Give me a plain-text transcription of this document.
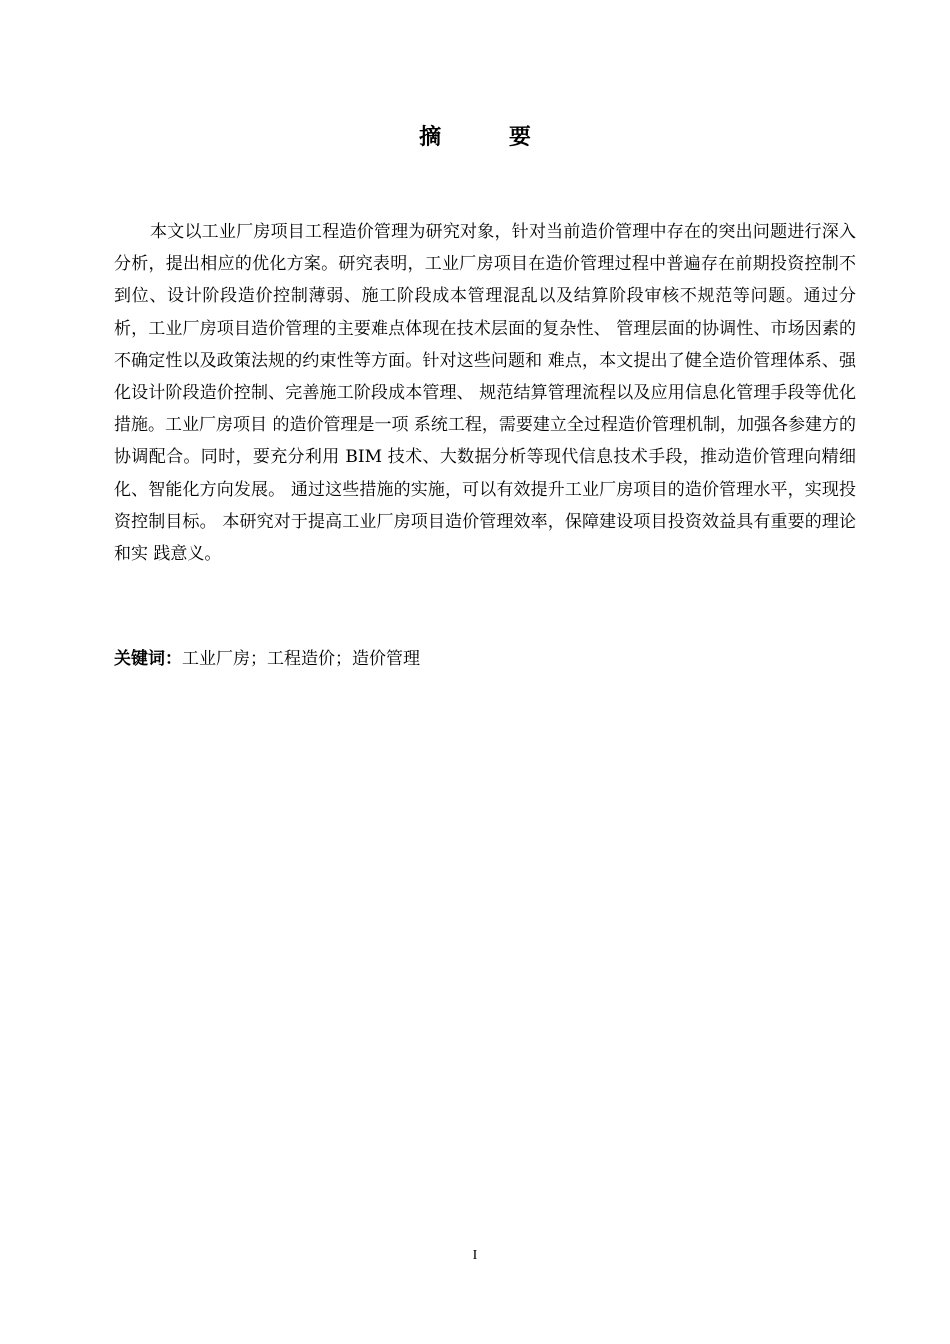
摘 要

本文以工业厂房项目工程造价管理为研究对象，针对当前造价管理中存在的突出问题进行深入分析，提出相应的优化方案。研究表明，工业厂房项目在造价管理过程中普遍存在前期投资控制不到位、设计阶段造价控制薄弱、施工阶段成本管理混乱以及结算阶段审核不规范等问题。通过分析，工业厂房项目造价管理的主要难点体现在技术层面的复杂性、 管理层面的协调性、市场因素的不确定性以及政策法规的约束性等方面。针对这些问题和 难点，本文提出了健全造价管理体系、强化设计阶段造价控制、完善施工阶段成本管理、 规范结算管理流程以及应用信息化管理手段等优化措施。工业厂房项目 的造价管理是一项 系统工程，需要建立全过程造价管理机制，加强各参建方的协调配合。同时，要充分利用 BIM 技术、大数据分析等现代信息技术手段，推动造价管理向精细化、智能化方向发展。 通过这些措施的实施，可以有效提升工业厂房项目的造价管理水平，实现投资控制目标。 本研究对于提高工业厂房项目造价管理效率，保障建设项目投资效益具有重要的理论和实 践意义。

关键词：工业厂房；工程造价；造价管理
I
